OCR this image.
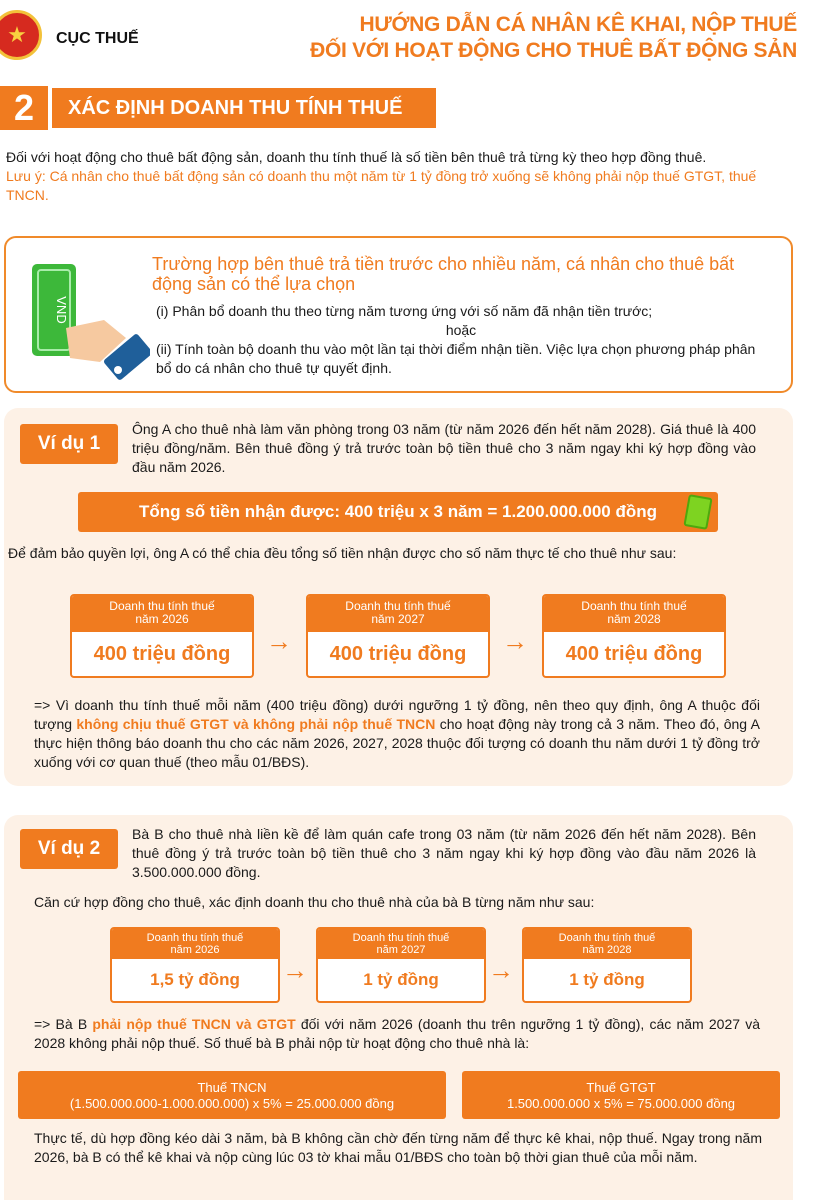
★ CỤC THUẾ
HƯỚNG DẪN CÁ NHÂN KÊ KHAI, NỘP THUẾ
ĐỐI VỚI HOẠT ĐỘNG CHO THUÊ BẤT ĐỘNG SẢN
2	XÁC ĐỊNH DOANH THU TÍNH THUẾ

Đối với hoạt động cho thuê bất động sản, doanh thu tính thuế là số tiền bên thuê trả từng kỳ theo hợp đồng thuê.

Lưu ý: Cá nhân cho thuê bất động sản có doanh thu một năm từ 1 tỷ đồng trở xuống sẽ không phải nộp thuế GTGT, thuế TNCN.

VND
Trường hợp bên thuê trả tiền trước cho nhiều năm, cá nhân cho thuê bất động sản có thể lựa chọn

(i) Phân bổ doanh thu theo từng năm tương ứng với số năm đã nhận tiền trước;

hoặc

(ii) Tính toàn bộ doanh thu vào một lần tại thời điểm nhận tiền. Việc lựa chọn phương pháp phân bổ do cá nhân cho thuê tự quyết định.

Ví dụ 1
Ông A cho thuê nhà làm văn phòng trong 03 năm (từ năm 2026 đến hết năm 2028). Giá thuê là 400 triệu đồng/năm. Bên thuê đồng ý trả trước toàn bộ tiền thuê cho 3 năm ngay khi ký hợp đồng vào đầu năm 2026.
Tổng số tiền nhận được: 400 triệu x 3 năm = 1.200.000.000 đồng
Để đảm bảo quyền lợi, ông A có thể chia đều tổng số tiền nhận được cho số năm thực tế cho thuê như sau:
Doanh thu tính thuế
năm 2026
400 triệu đồng	→
Doanh thu tính thuế
năm 2027
400 triệu đồng	→
Doanh thu tính thuế
năm 2028
400 triệu đồng
=> Vì doanh thu tính thuế mỗi năm (400 triệu đồng) dưới ngưỡng 1 tỷ đồng, nên theo quy định, ông A thuộc đối tượng không chịu thuế GTGT và không phải nộp thuế TNCN cho hoạt động này trong cả 3 năm. Theo đó, ông A thực hiện thông báo doanh thu cho các năm 2026, 2027, 2028 thuộc đối tượng có doanh thu năm dưới 1 tỷ đồng trở xuống với cơ quan thuế (theo mẫu 01/BĐS).
Ví dụ 2
Bà B cho thuê nhà liền kề để làm quán cafe trong 03 năm (từ năm 2026 đến hết năm 2028). Bên thuê đồng ý trả trước toàn bộ tiền thuê cho 3 năm ngay khi ký hợp đồng vào đầu năm 2026 là 3.500.000.000 đồng.
Căn cứ hợp đồng cho thuê, xác định doanh thu cho thuê nhà của bà B từng năm như sau:
Doanh thu tính thuế
năm 2026
1,5 tỷ đồng	→
Doanh thu tính thuế
năm 2027
1 tỷ đồng	→
Doanh thu tính thuế
năm 2028
1 tỷ đồng
=> Bà B phải nộp thuế TNCN và GTGT đối với năm 2026 (doanh thu trên ngưỡng 1 tỷ đồng), các năm 2027 và 2028 không phải nộp thuế. Số thuế bà B phải nộp từ hoạt động cho thuê nhà là:
Thuế TNCN
(1.500.000.000-1.000.000.000) x 5% = 25.000.000 đồng
Thuế GTGT
1.500.000.000 x 5% = 75.000.000 đồng
Thực tế, dù hợp đồng kéo dài 3 năm, bà B không cần chờ đến từng năm để thực kê khai, nộp thuế. Ngay trong năm 2026, bà B có thể kê khai và nộp cùng lúc 03 tờ khai mẫu 01/BĐS cho toàn bộ thời gian thuê của mỗi năm.
